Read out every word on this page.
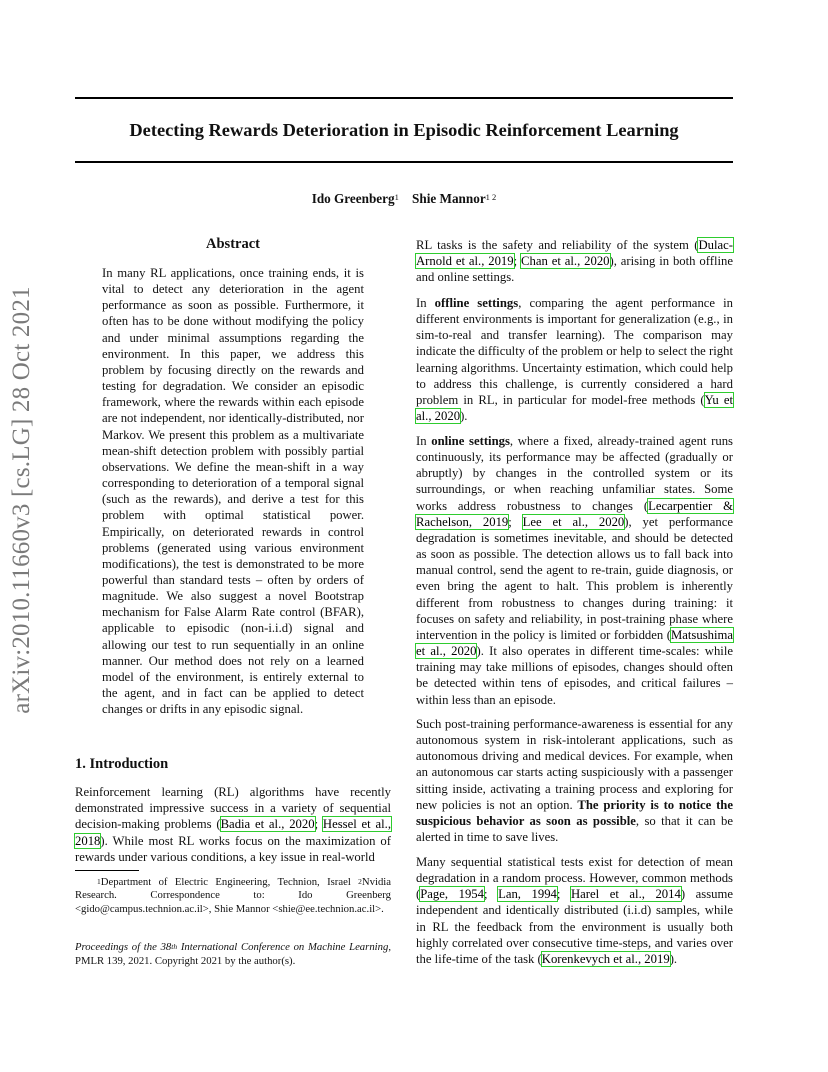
Detecting Rewards Deterioration in Episodic Reinforcement Learning
Ido Greenberg$^1$ Shie Mannor$^{1 2}$
arXiv:2010.11660v3 [cs.LG] 28 Oct 2021
Abstract
In many RL applications, once training ends, it is vital to detect any deterioration in the agent performance as soon as possible. Furthermore, it often has to be done without modifying the policy and under minimal assumptions regarding the environment. In this paper, we address this problem by focusing directly on the rewards and testing for degradation. We consider an episodic framework, where the rewards within each episode are not independent, nor identically-distributed, nor Markov. We present this problem as a multivariate mean-shift detection problem with possibly partial observations. We define the mean-shift in a way corresponding to deterioration of a temporal signal (such as the rewards), and derive a test for this problem with optimal statistical power. Empirically, on deteriorated rewards in control problems (generated using various environment modifications), the test is demonstrated to be more powerful than standard tests – often by orders of magnitude. We also suggest a novel Bootstrap mechanism for False Alarm Rate control (BFAR), applicable to episodic (non-i.i.d) signal and allowing our test to run sequentially in an online manner. Our method does not rely on a learned model of the environment, is entirely external to the agent, and in fact can be applied to detect changes or drifts in any episodic signal.
1. Introduction
Reinforcement learning (RL) algorithms have recently demonstrated impressive success in a variety of sequential decision-making problems (Badia et al., 2020; Hessel et al., 2018). While most RL works focus on the maximization of rewards under various conditions, a key issue in real-world
$^1$Department of Electric Engineering, Technion, Israel $^2$Nvidia Research. Correspondence to: Ido Greenberg <gido@campus.technion.ac.il>, Shie Mannor <shie@ee.technion.ac.il>.
Proceedings of the 38th International Conference on Machine Learning, PMLR 139, 2021. Copyright 2021 by the author(s).
RL tasks is the safety and reliability of the system (Dulac-Arnold et al., 2019; Chan et al., 2020), arising in both offline and online settings.
In offline settings, comparing the agent performance in different environments is important for generalization (e.g., in sim-to-real and transfer learning). The comparison may indicate the difficulty of the problem or help to select the right learning algorithms. Uncertainty estimation, which could help to address this challenge, is currently considered a hard problem in RL, in particular for model-free methods (Yu et al., 2020).
In online settings, where a fixed, already-trained agent runs continuously, its performance may be affected (gradually or abruptly) by changes in the controlled system or its surroundings, or when reaching unfamiliar states. Some works address robustness to changes (Lecarpentier & Rachelson, 2019; Lee et al., 2020), yet performance degradation is sometimes inevitable, and should be detected as soon as possible. The detection allows us to fall back into manual control, send the agent to re-train, guide diagnosis, or even bring the agent to halt. This problem is inherently different from robustness to changes during training: it focuses on safety and reliability, in post-training phase where intervention in the policy is limited or forbidden (Matsushima et al., 2020). It also operates in different time-scales: while training may take millions of episodes, changes should often be detected within tens of episodes, and critical failures – within less than an episode.
Such post-training performance-awareness is essential for any autonomous system in risk-intolerant applications, such as autonomous driving and medical devices. For example, when an autonomous car starts acting suspiciously with a passenger sitting inside, activating a training process and exploring for new policies is not an option. The priority is to notice the suspicious behavior as soon as possible, so that it can be alerted in time to save lives.
Many sequential statistical tests exist for detection of mean degradation in a random process. However, common methods (Page, 1954; Lan, 1994; Harel et al., 2014) assume independent and identically distributed (i.i.d) samples, while in RL the feedback from the environment is usually both highly correlated over consecutive time-steps, and varies over the life-time of the task (Korenkevych et al., 2019).
